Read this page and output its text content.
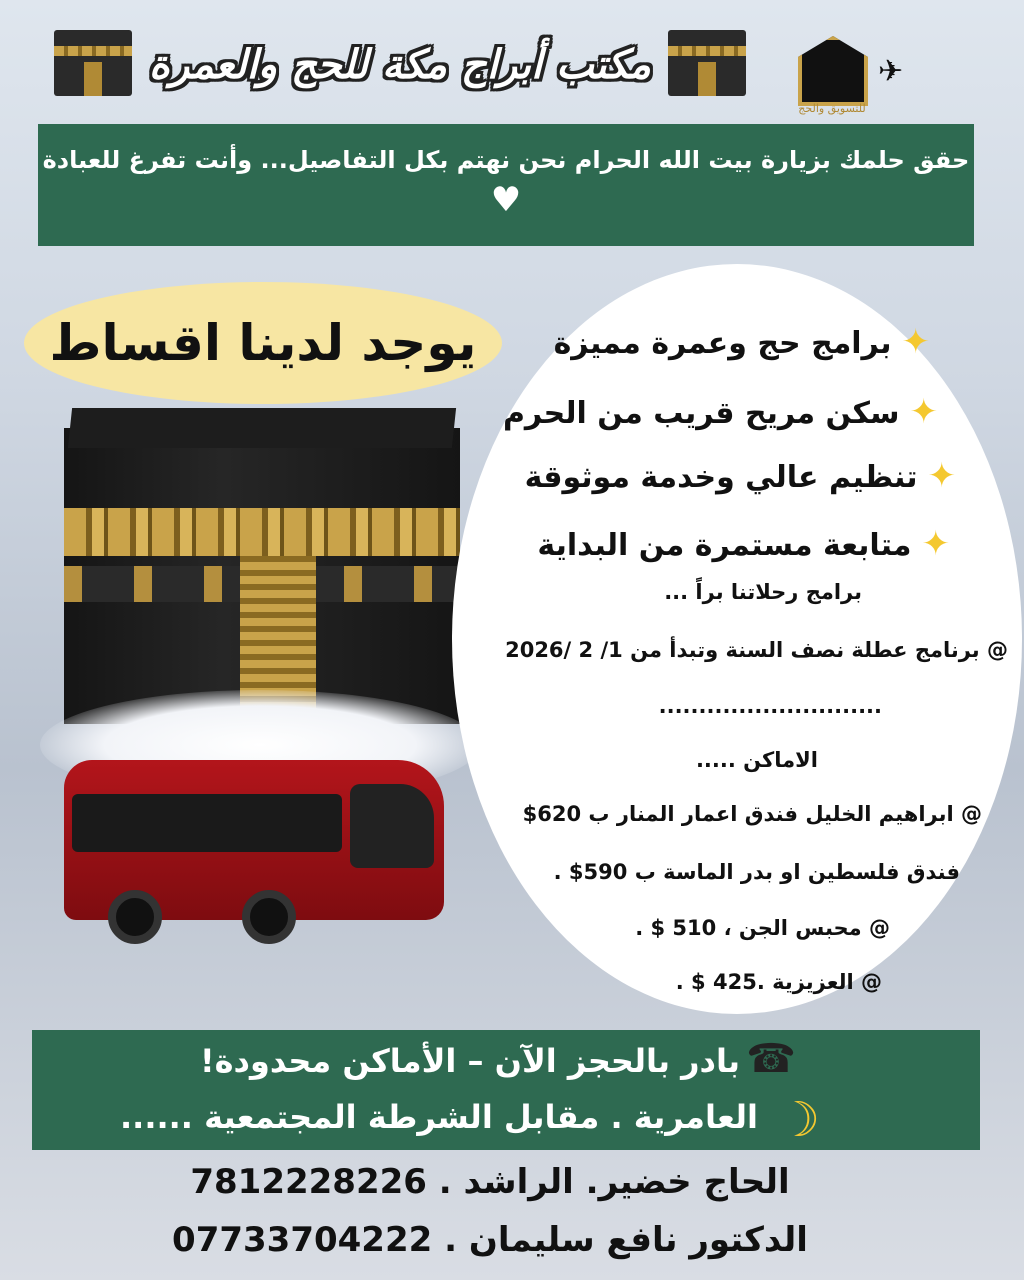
مكتب أبراج مكة للحج والعمرة	✈
للتسويق والحج
حقق حلمك بزيارة بيت الله الحرام نحن نهتم بكل التفاصيل... وأنت تفرغ للعبادة
♥
يوجد لدينا اقساط	✦برامج حج وعمرة مميزة
✦سكن مريح قريب من الحرم
✦تنظيم عالي وخدمة موثوقة
✦متابعة مستمرة من البداية
برامج رحلاتنا براً ...
@ برنامج عطلة نصف السنة وتبدأ من 1/ 2 /2026
............................
الاماكن .....
@ ابراهيم الخليل فندق اعمار المنار ب 620$
فندق فلسطين او بدر الماسة ب 590$ .
@ محبس الجن ، 510 $ .
@ العزيزية .425 $ .
☎
بادر بالحجز الآن – الأماكن محدودة!
☽
العامرية . مقابل الشرطة المجتمعية ......
الحاج خضير. الراشد . 7812228226
الدكتور نافع سليمان . 07733704222
